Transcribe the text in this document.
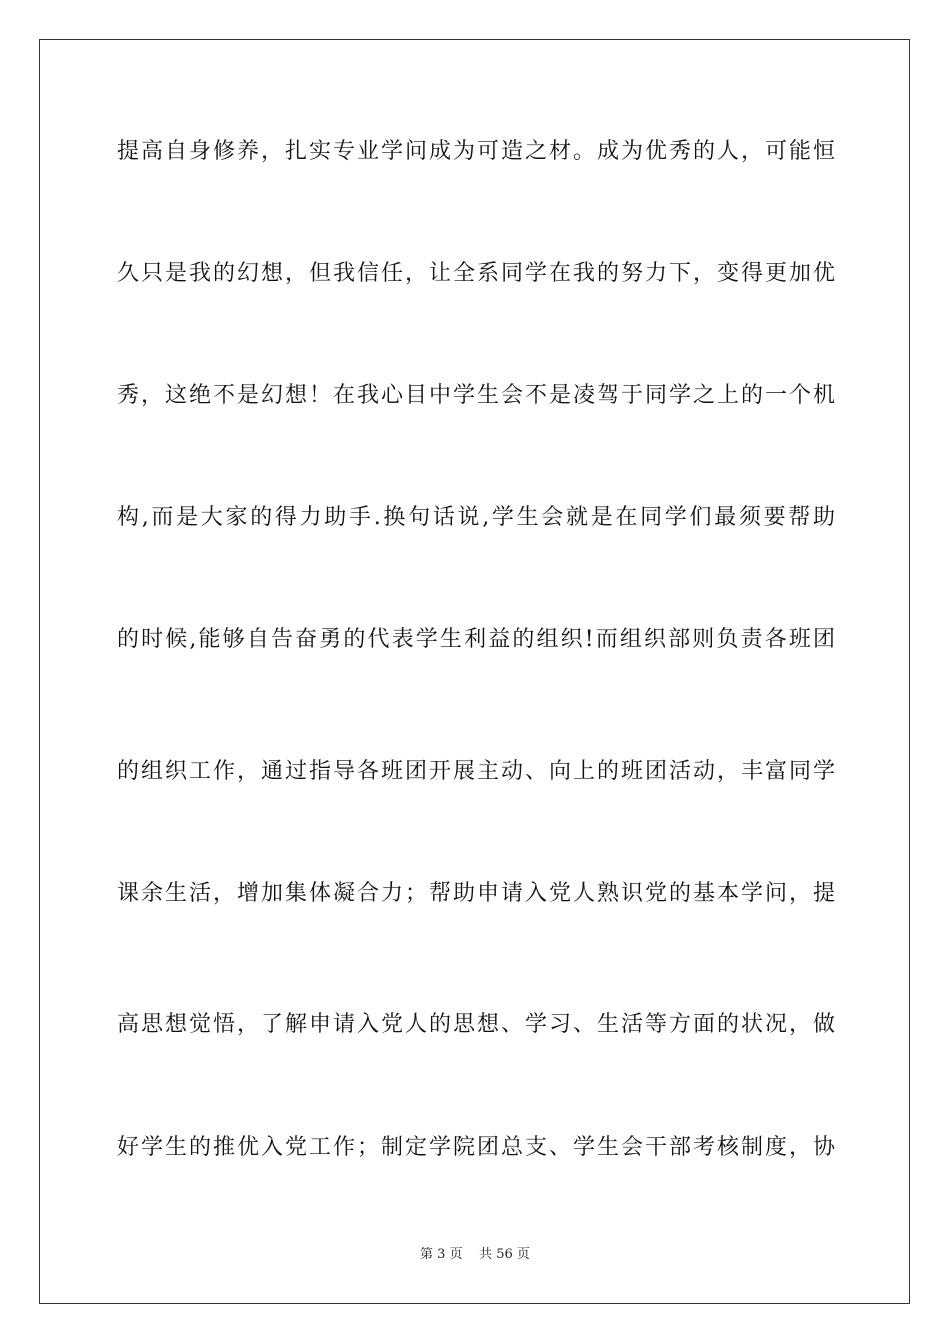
提高自身修养，扎实专业学问成为可造之材。成为优秀的人，可能恒
久只是我的幻想，但我信任，让全系同学在我的努力下，变得更加优
秀，这绝不是幻想！在我心目中学生会不是凌驾于同学之上的一个机
构,而是大家的得力助手.换句话说,学生会就是在同学们最须要帮助
的时候,能够自告奋勇的代表学生利益的组织!而组织部则负责各班团
的组织工作，通过指导各班团开展主动、向上的班团活动，丰富同学
课余生活，增加集体凝合力；帮助申请入党人熟识党的基本学问，提
高思想觉悟，了解申请入党人的思想、学习、生活等方面的状况，做
好学生的推优入党工作；制定学院团总支、学生会干部考核制度，协
第 3 页 共 56 页
